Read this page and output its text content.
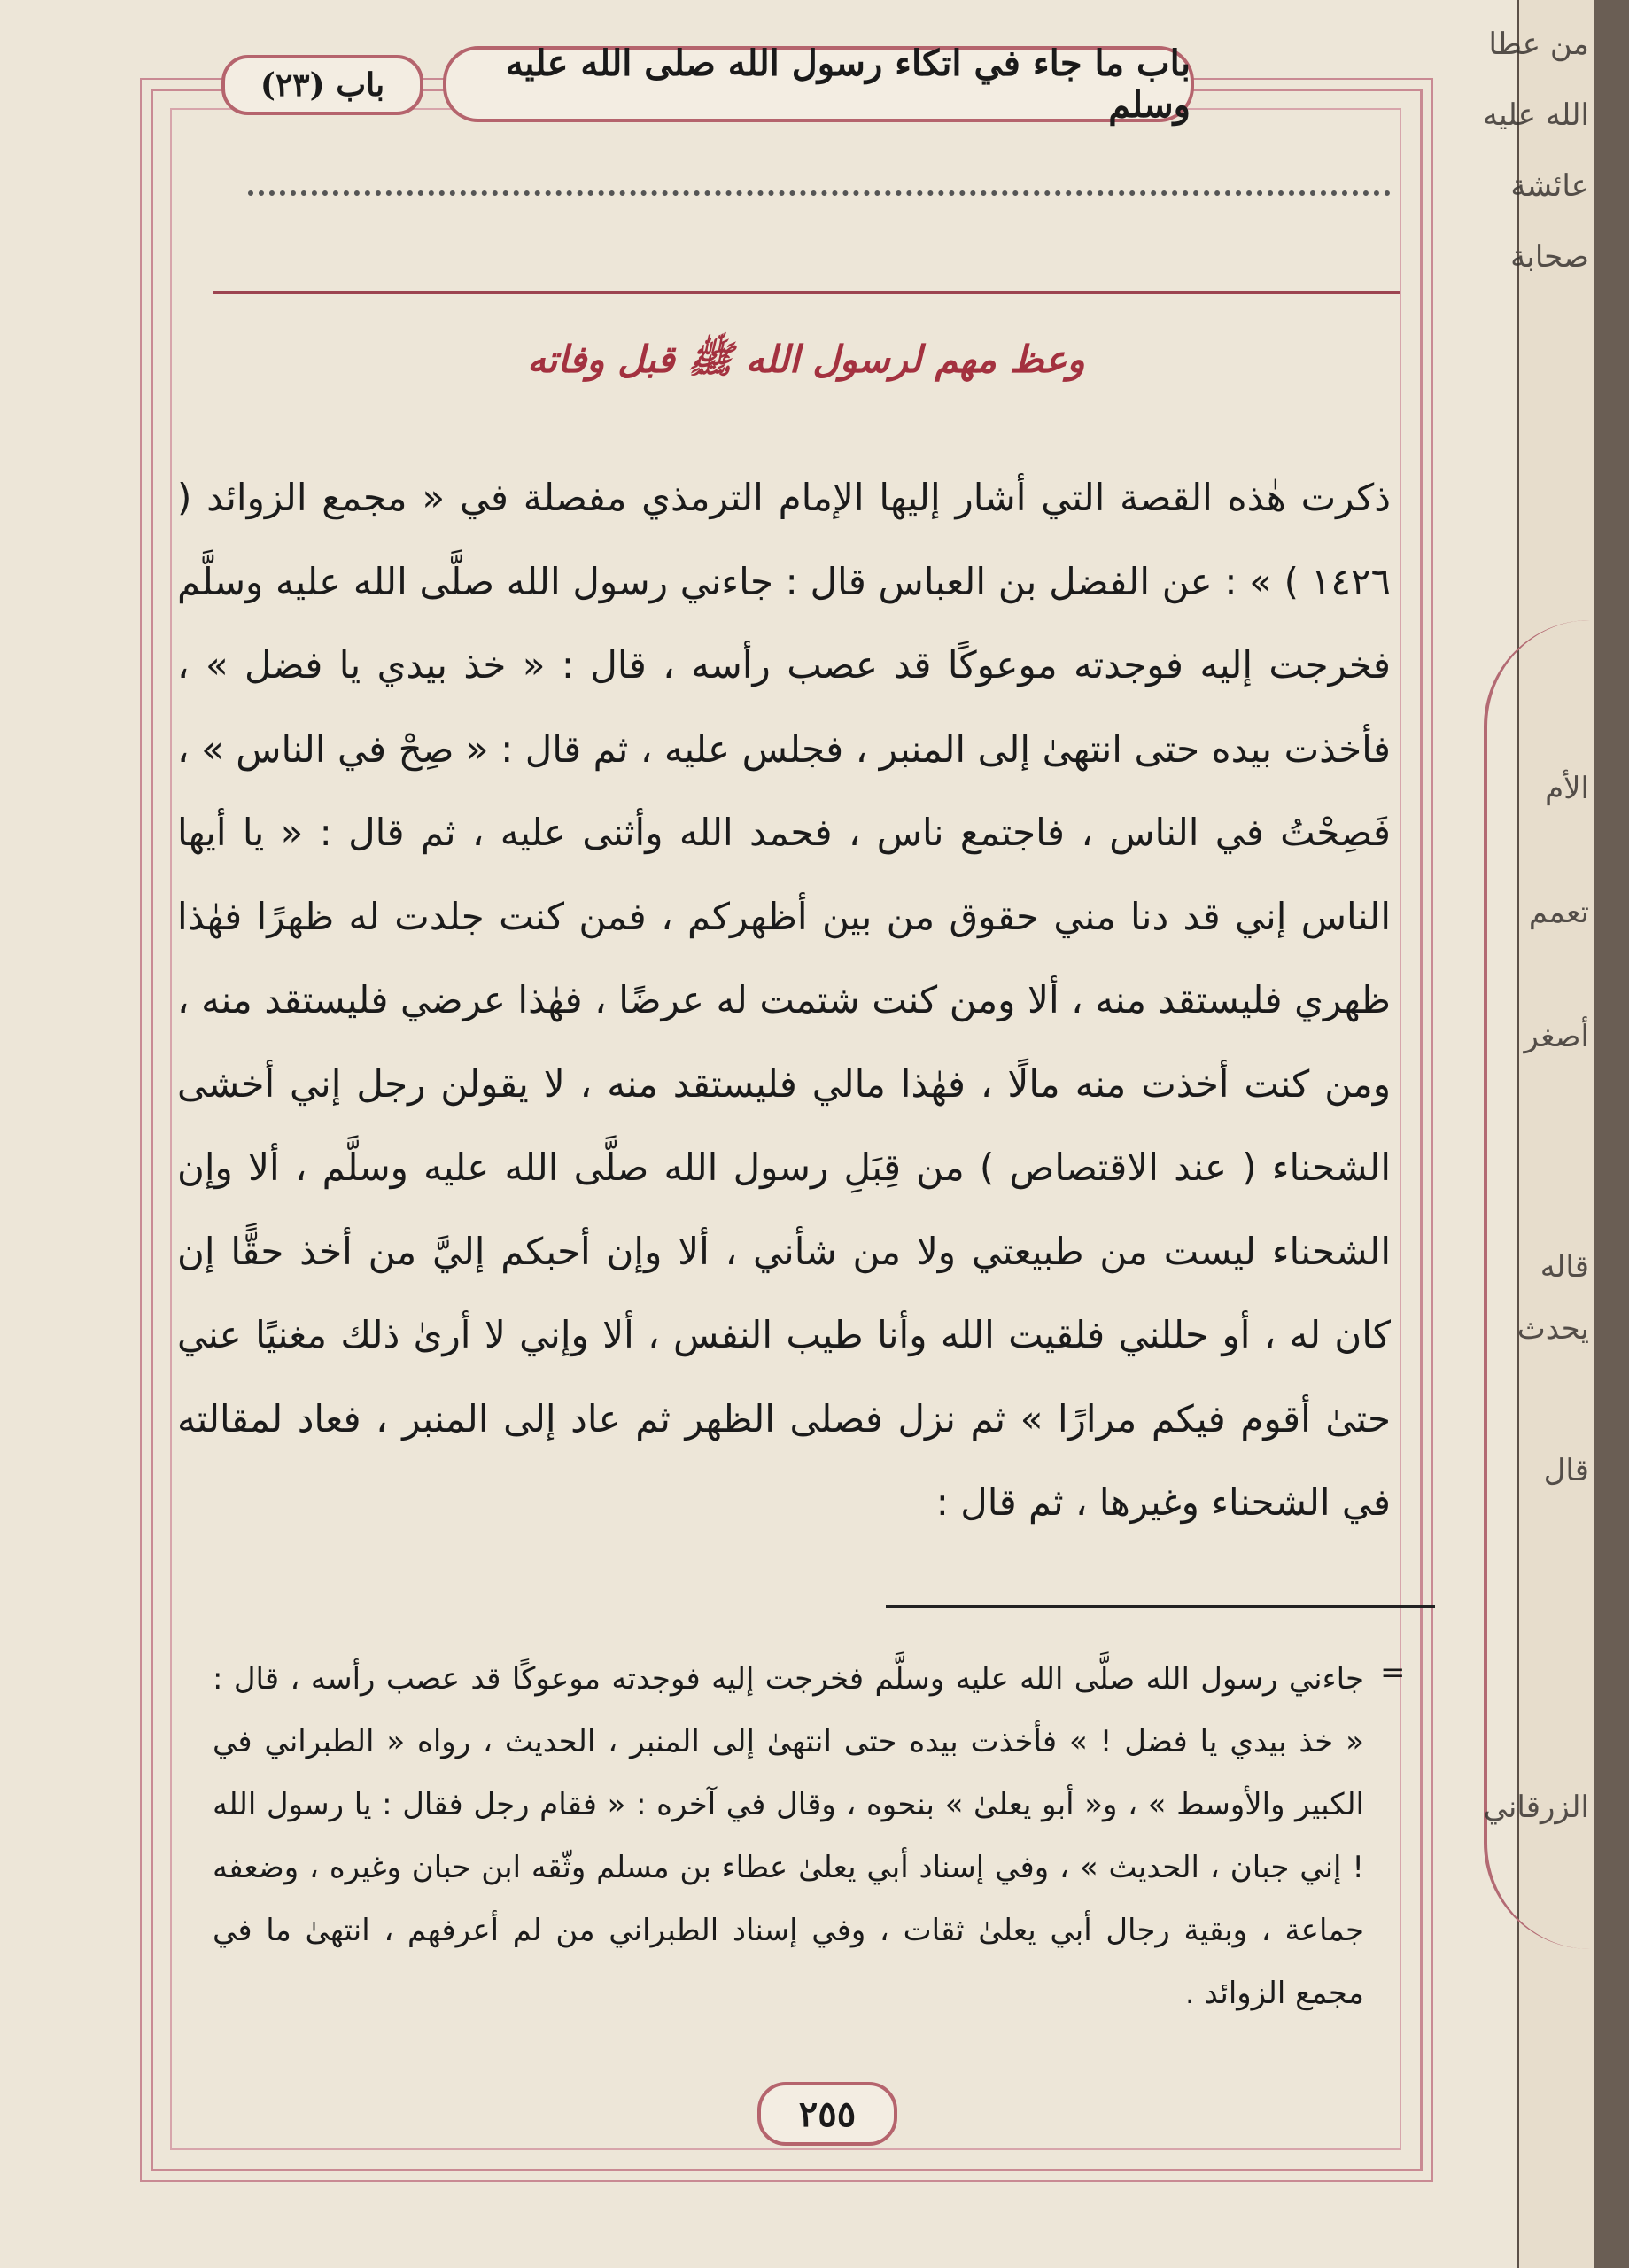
من عطا
الله عليه
عائشة
صحابة
الأم
تعمم
أصغر
قاله
يحدث
قال
الزرقاني
باب ما جاء في اتكاء رسول الله صلى الله عليه وسلم
باب (٢٣)
وعظ مهم لرسول الله ﷺ قبل وفاته
ذكرت هٰذه القصة التي أشار إليها الإمام الترمذي مفصلة في « مجمع الزوائد ( ١٤٢٦ ) » : عن الفضل بن العباس قال : جاءني رسول الله صلَّى الله عليه وسلَّم فخرجت إليه فوجدته موعوكًا قد عصب رأسه ، قال : « خذ بيدي يا فضل » ، فأخذت بيده حتى انتهىٰ إلى المنبر ، فجلس عليه ، ثم قال : « صِحْ في الناس » ، فَصِحْتُ في الناس ، فاجتمع ناس ، فحمد الله وأثنى عليه ، ثم قال : « يا أيها الناس إني قد دنا مني حقوق من بين أظهركم ، فمن كنت جلدت له ظهرًا فهٰذا ظهري فليستقد منه ، ألا ومن كنت شتمت له عرضًا ، فهٰذا عرضي فليستقد منه ، ومن كنت أخذت منه مالًا ، فهٰذا مالي فليستقد منه ، لا يقولن رجل إني أخشى الشحناء ( عند الاقتصاص ) من قِبَلِ رسول الله صلَّى الله عليه وسلَّم ، ألا وإن الشحناء ليست من طبيعتي ولا من شأني ، ألا وإن أحبكم إليَّ من أخذ حقًّا إن كان له ، أو حللني فلقيت الله وأنا طيب النفس ، ألا وإني لا أرىٰ ذلك مغنيًا عني حتىٰ أقوم فيكم مرارًا » ثم نزل فصلى الظهر ثم عاد إلى المنبر ، فعاد لمقالته في الشحناء وغيرها ، ثم قال :
=
جاءني رسول الله صلَّى الله عليه وسلَّم فخرجت إليه فوجدته موعوكًا قد عصب رأسه ، قال : « خذ بيدي يا فضل ! » فأخذت بيده حتى انتهىٰ إلى المنبر ، الحديث ، رواه « الطبراني في الكبير والأوسط » ، و« أبو يعلىٰ » بنحوه ، وقال في آخره : « فقام رجل فقال : يا رسول الله ! إني جبان ، الحديث » ، وفي إسناد أبي يعلىٰ عطاء بن مسلم وثّقه ابن حبان وغيره ، وضعفه جماعة ، وبقية رجال أبي يعلىٰ ثقات ، وفي إسناد الطبراني من لم أعرفهم ، انتهىٰ ما في مجمع الزوائد .
٢٥٥
